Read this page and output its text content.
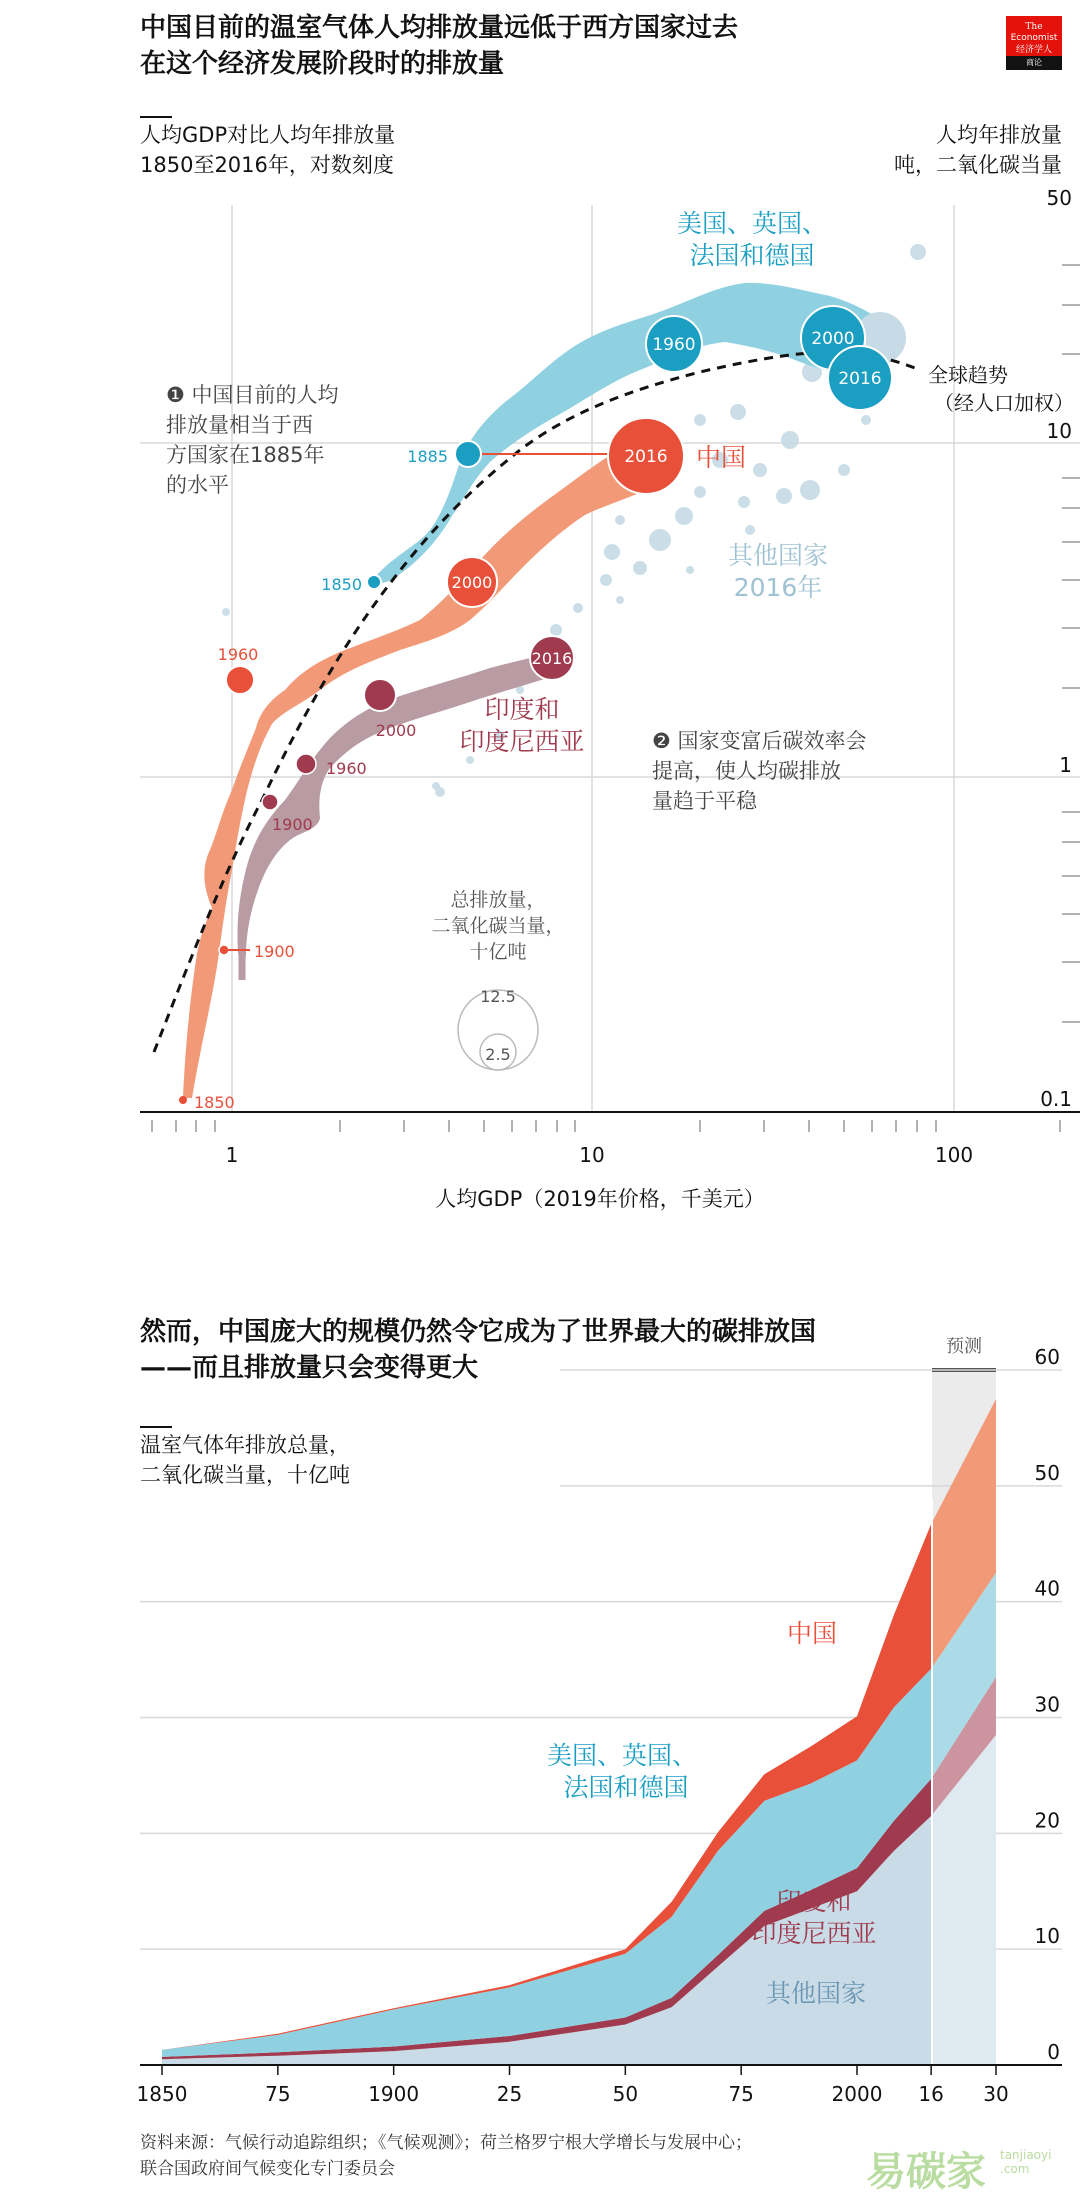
中国目前的温室气体人均排放量远低于西方国家过去
在这个经济发展阶段时的排放量
The
Economist
经济学人
商论
人均GDP对比人均年排放量
1850至2016年，对数刻度
人均年排放量
吨，二氧化碳当量
50
10
1
0.1
1	10	100
人均GDP（2019年价格，千美元）
1850
1885
1960	2000
2016
1850
1900
1960
2000
2016
1900
1960
2000
2016
美国、英国、
法国和德国
全球趋势
（经人口加权）
中国
其他国家
2016年
印度和
印度尼西亚
❶ 中国目前的人均
排放量相当于西
方国家在1885年
的水平
❷ 国家变富后碳效率会
提高，使人均碳排放
量趋于平稳
总排放量，
二氧化碳当量，
十亿吨
12.5
2.5
然而，中国庞大的规模仍然令它成为了世界最大的碳排放国
——而且排放量只会变得更大
温室气体年排放总量，
二氧化碳当量，十亿吨
预测
0
10
20
30
40
50
60
1850	75	1900	25	50	75	2000 16 30
中国
美国、英国、
法国和德国
印度和
印度尼西亚
其他国家
资料来源：气候行动追踪组织；《气候观测》；荷兰格罗宁根大学增长与发展中心；
联合国政府间气候变化专门委员会	易碳家 tanjiaoyi .com
